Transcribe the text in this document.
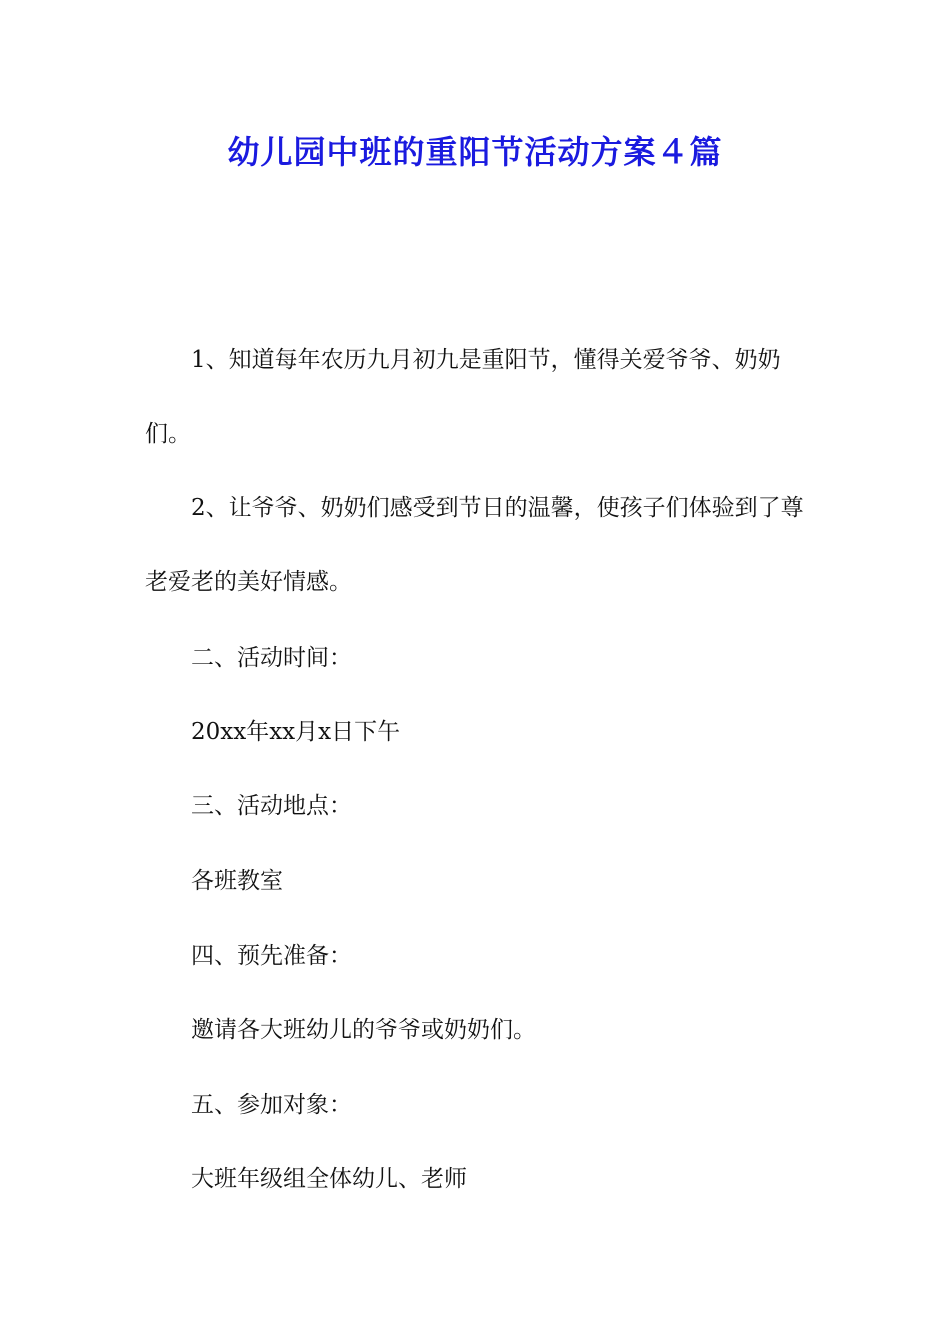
幼儿园中班的重阳节活动方案４篇

1、知道每年农历九月初九是重阳节，懂得关爱爷爷、奶奶们。

2、让爷爷、奶奶们感受到节日的温馨，使孩子们体验到了尊老爱老的美好情感。

二、活动时间：

20xx年xx月x日下午

三、活动地点：

各班教室

四、预先准备：

邀请各大班幼儿的爷爷或奶奶们。

五、参加对象：

大班年级组全体幼儿、老师
